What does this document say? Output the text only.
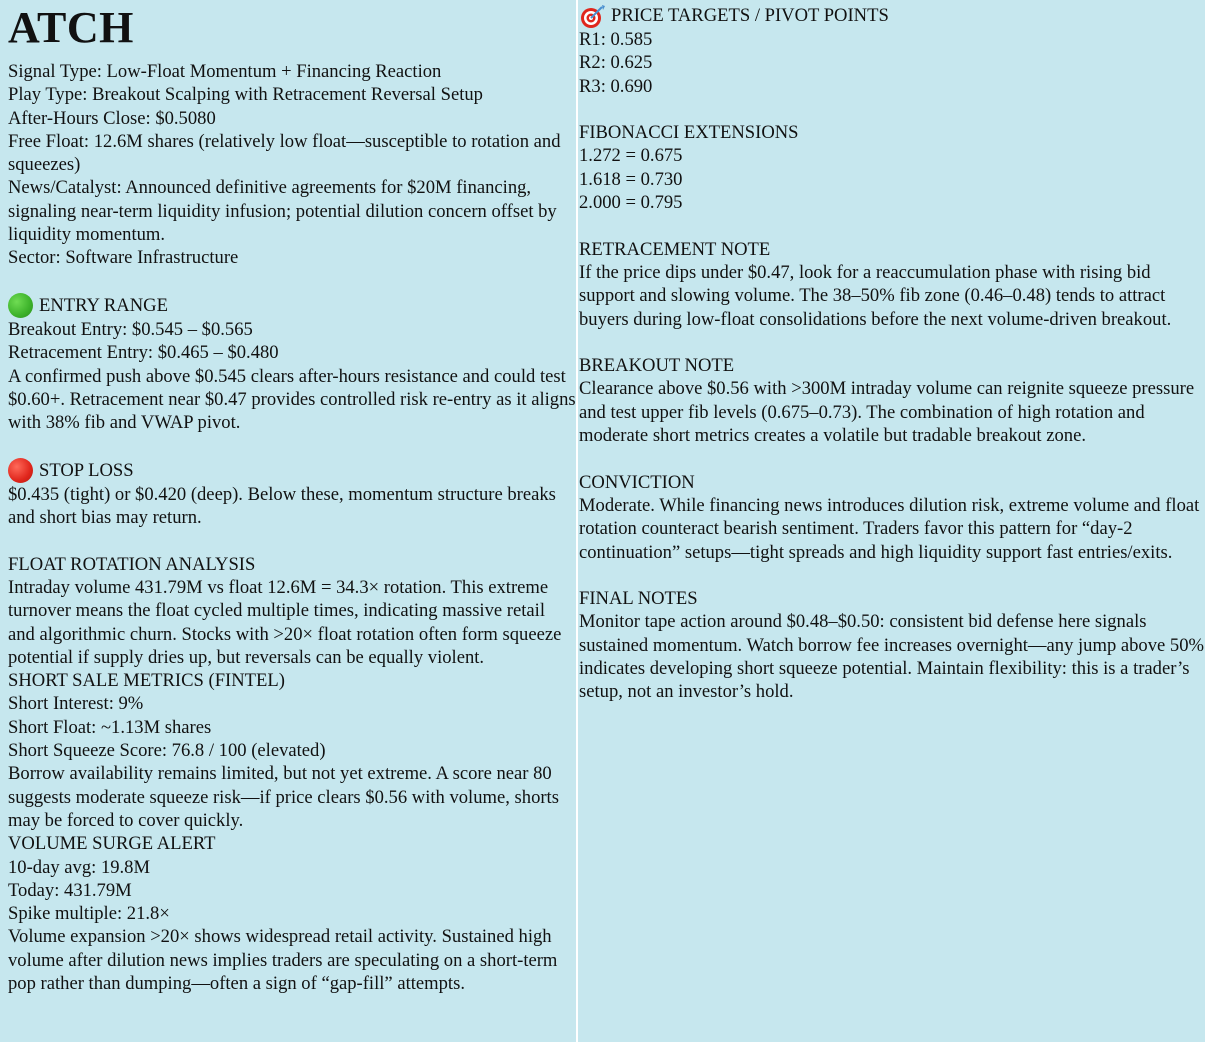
ATCH

Signal Type: Low-Float Momentum + Financing Reaction

Play Type: Breakout Scalping with Retracement Reversal Setup

After-Hours Close: $0.5080

Free Float: 12.6M shares (relatively low float—susceptible to rotation and squeezes)

News/Catalyst: Announced definitive agreements for $20M financing, signaling near-term liquidity infusion; potential dilution concern offset by liquidity momentum.

Sector: Software Infrastructure

ENTRY RANGE

Breakout Entry: $0.545 – $0.565

Retracement Entry: $0.465 – $0.480

A confirmed push above $0.545 clears after-hours resistance and could test $0.60+. Retracement near $0.47 provides controlled risk re-entry as it aligns with 38% fib and VWAP pivot.

STOP LOSS

$0.435 (tight) or $0.420 (deep). Below these, momentum structure breaks and short bias may return.

FLOAT ROTATION ANALYSIS

Intraday volume 431.79M vs float 12.6M = 34.3× rotation. This extreme turnover means the float cycled multiple times, indicating massive retail and algorithmic churn. Stocks with >20× float rotation often form squeeze potential if supply dries up, but reversals can be equally violent.

SHORT SALE METRICS (FINTEL)

Short Interest: 9%

Short Float: ~1.13M shares

Short Squeeze Score: 76.8 / 100 (elevated)

Borrow availability remains limited, but not yet extreme. A score near 80 suggests moderate squeeze risk—if price clears $0.56 with volume, shorts may be forced to cover quickly.

VOLUME SURGE ALERT

10-day avg: 19.8M

Today: 431.79M

Spike multiple: 21.8×

Volume expansion >20× shows widespread retail activity. Sustained high volume after dilution news implies traders are speculating on a short-term pop rather than dumping—often a sign of “gap-fill” attempts.

PRICE TARGETS / PIVOT POINTS

R1: 0.585

R2: 0.625

R3: 0.690

FIBONACCI EXTENSIONS

1.272 = 0.675

1.618 = 0.730

2.000 = 0.795

RETRACEMENT NOTE

If the price dips under $0.47, look for a reaccumulation phase with rising bid support and slowing volume. The 38–50% fib zone (0.46–0.48) tends to attract buyers during low-float consolidations before the next volume-driven breakout.

BREAKOUT NOTE

Clearance above $0.56 with >300M intraday volume can reignite squeeze pressure and test upper fib levels (0.675–0.73). The combination of high rotation and moderate short metrics creates a volatile but tradable breakout zone.

CONVICTION

Moderate. While financing news introduces dilution risk, extreme volume and float rotation counteract bearish sentiment. Traders favor this pattern for “day-2 continuation” setups—tight spreads and high liquidity support fast entries/exits.

FINAL NOTES

Monitor tape action around $0.48–$0.50: consistent bid defense here signals sustained momentum. Watch borrow fee increases overnight—any jump above 50% indicates developing short squeeze potential. Maintain flexibility: this is a trader’s setup, not an investor’s hold.
